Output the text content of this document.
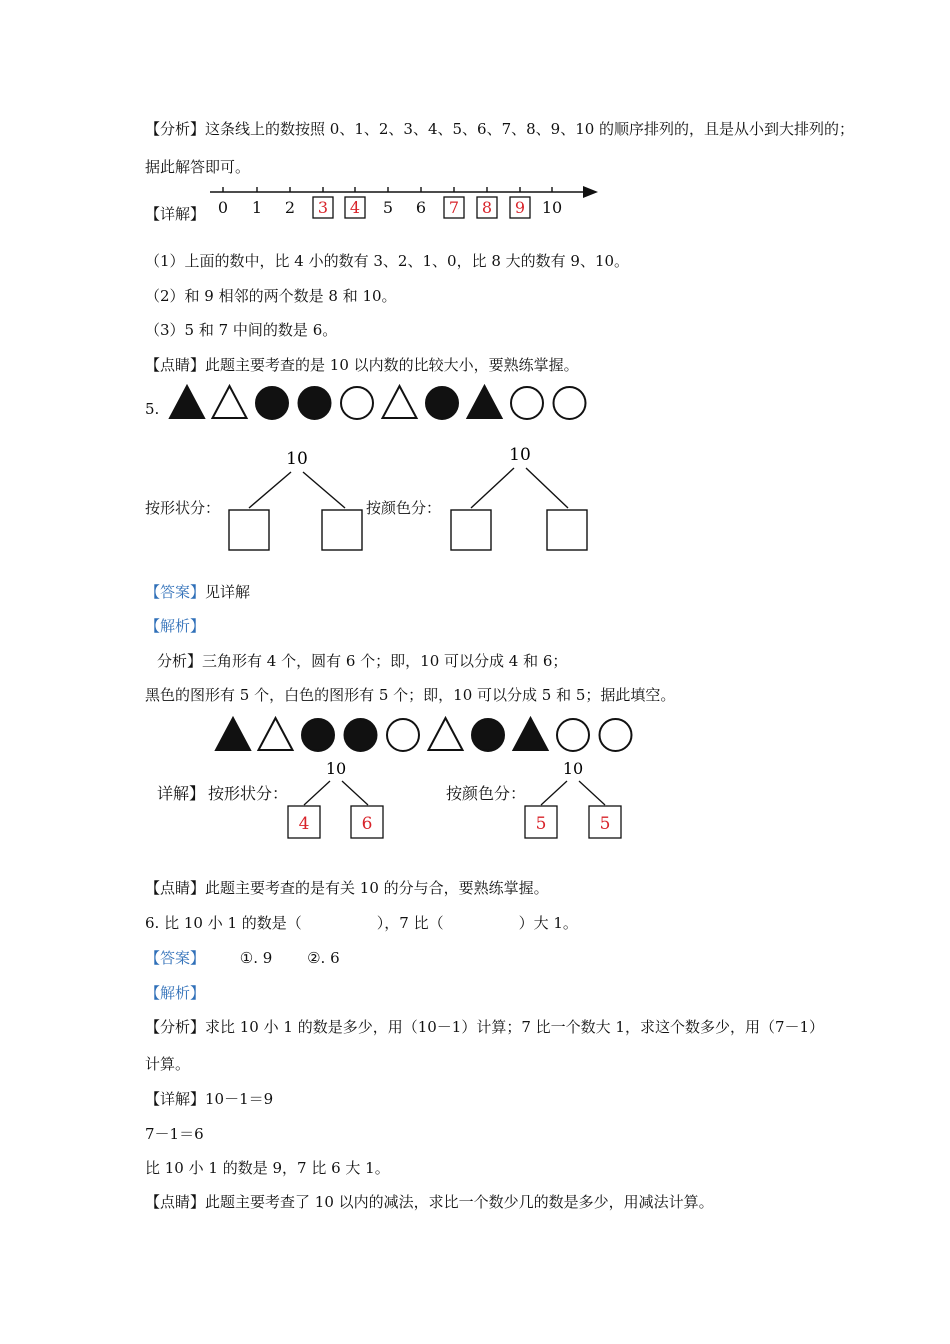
【分析】这条线上的数按照 0、1、2、3、4、5、6、7、8、9、10 的顺序排列的，且是从小到大排列的；
据此解答即可。
【详解】 0 1 2 3 4 5 6 7 8 9 10
（1）上面的数中，比 4 小的数有 3、2、1、0，比 8 大的数有 9、10。
（2）和 9 相邻的两个数是 8 和 10。
（3）5 和 7 中间的数是 6。
【点睛】此题主要考查的是 10 以内数的比较大小，要熟练掌握。
5.
按形状分：	按颜色分：
10	10
【答案】见详解
【解析】
分析】三角形有 4 个，圆有 6 个；即，10 可以分成 4 和 6；
黑色的图形有 5 个，白色的图形有 5 个；即，10 可以分成 5 和 5；据此填空。
详解】 按形状分：	按颜色分：
10
4	6
10
5	5
【点睛】此题主要考查的是有关 10 的分与合，要熟练掌握。
6. 比 10 小 1 的数是（　　　　　），7 比（　　　　　）大 1。
【答案】 ①. 9 ②. 6
【解析】
【分析】求比 10 小 1 的数是多少，用（10－1）计算；7 比一个数大 1，求这个数多少，用（7－1）
计算。
【详解】10－1＝9
7－1＝6
比 10 小 1 的数是 9，7 比 6 大 1。
【点睛】此题主要考查了 10 以内的减法，求比一个数少几的数是多少，用减法计算。
